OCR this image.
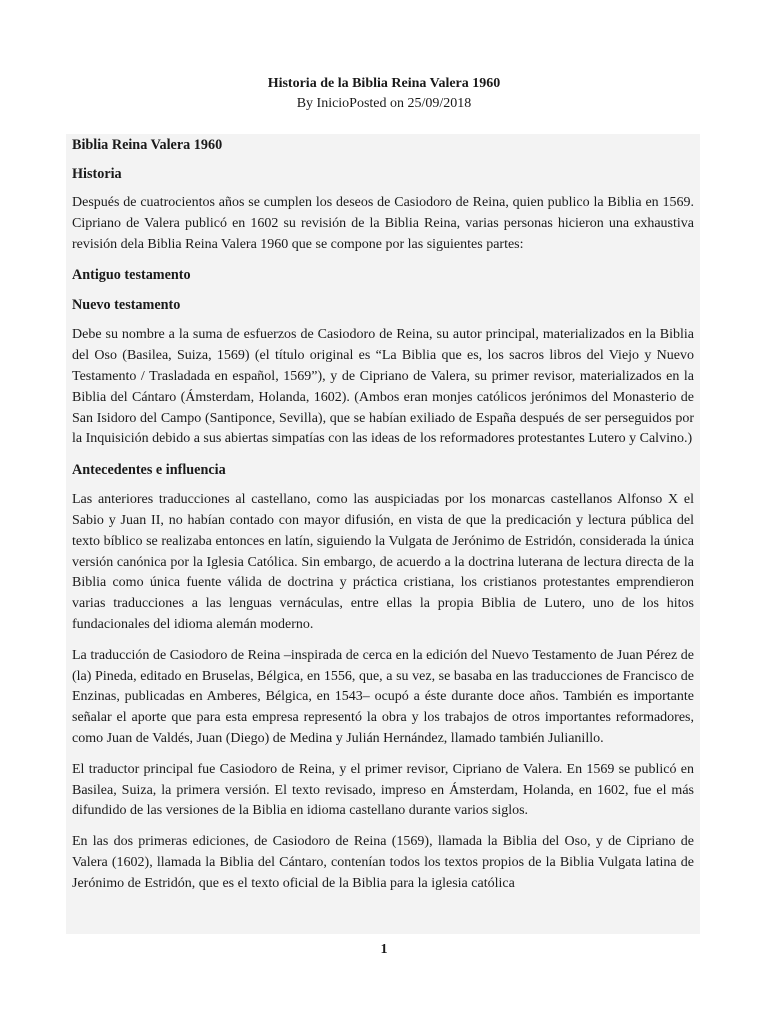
Historia de la Biblia Reina Valera 1960
By InicioPosted on 25/09/2018

Biblia Reina Valera 1960

Historia

Después de cuatrocientos años se cumplen los deseos de Casiodoro de Reina, quien publico la Biblia en 1569. Cipriano de Valera publicó en 1602 su revisión de la Biblia Reina, varias personas hicieron una exhaustiva revisión dela Biblia Reina Valera 1960 que se compone por las siguientes partes:

Antiguo testamento

Nuevo testamento

Debe su nombre a la suma de esfuerzos de Casiodoro de Reina, su autor principal, materializados en la Biblia del Oso (Basilea, Suiza, 1569) (el título original es “La Biblia que es, los sacros libros del Viejo y Nuevo Testamento / Trasladada en español, 1569”), y de Cipriano de Valera, su primer revisor, materializados en la Biblia del Cántaro (Ámsterdam, Holanda, 1602). (Ambos eran monjes católicos jerónimos del Monasterio de San Isidoro del Campo (Santiponce, Sevilla), que se habían exiliado de España después de ser perseguidos por la Inquisición debido a sus abiertas simpatías con las ideas de los reformadores protestantes Lutero y Calvino.)

Antecedentes e influencia

Las anteriores traducciones al castellano, como las auspiciadas por los monarcas castellanos Alfonso X el Sabio y Juan II, no habían contado con mayor difusión, en vista de que la predicación y lectura pública del texto bíblico se realizaba entonces en latín, siguiendo la Vulgata de Jerónimo de Estridón, considerada la única versión canónica por la Iglesia Católica. Sin embargo, de acuerdo a la doctrina luterana de lectura directa de la Biblia como única fuente válida de doctrina y práctica cristiana, los cristianos protestantes emprendieron varias traducciones a las lenguas vernáculas, entre ellas la propia Biblia de Lutero, uno de los hitos fundacionales del idioma alemán moderno.

La traducción de Casiodoro de Reina –inspirada de cerca en la edición del Nuevo Testamento de Juan Pérez de (la) Pineda, editado en Bruselas, Bélgica, en 1556, que, a su vez, se basaba en las traducciones de Francisco de Enzinas, publicadas en Amberes, Bélgica, en 1543– ocupó a éste durante doce años. También es importante señalar el aporte que para esta empresa representó la obra y los trabajos de otros importantes reformadores, como Juan de Valdés, Juan (Diego) de Medina y Julián Hernández, llamado también Julianillo.

El traductor principal fue Casiodoro de Reina, y el primer revisor, Cipriano de Valera. En 1569 se publicó en Basilea, Suiza, la primera versión. El texto revisado, impreso en Ámsterdam, Holanda, en 1602, fue el más difundido de las versiones de la Biblia en idioma castellano durante varios siglos.

En las dos primeras ediciones, de Casiodoro de Reina (1569), llamada la Biblia del Oso, y de Cipriano de Valera (1602), llamada la Biblia del Cántaro, contenían todos los textos propios de la Biblia Vulgata latina de Jerónimo de Estridón, que es el texto oficial de la Biblia para la iglesia católica

1
